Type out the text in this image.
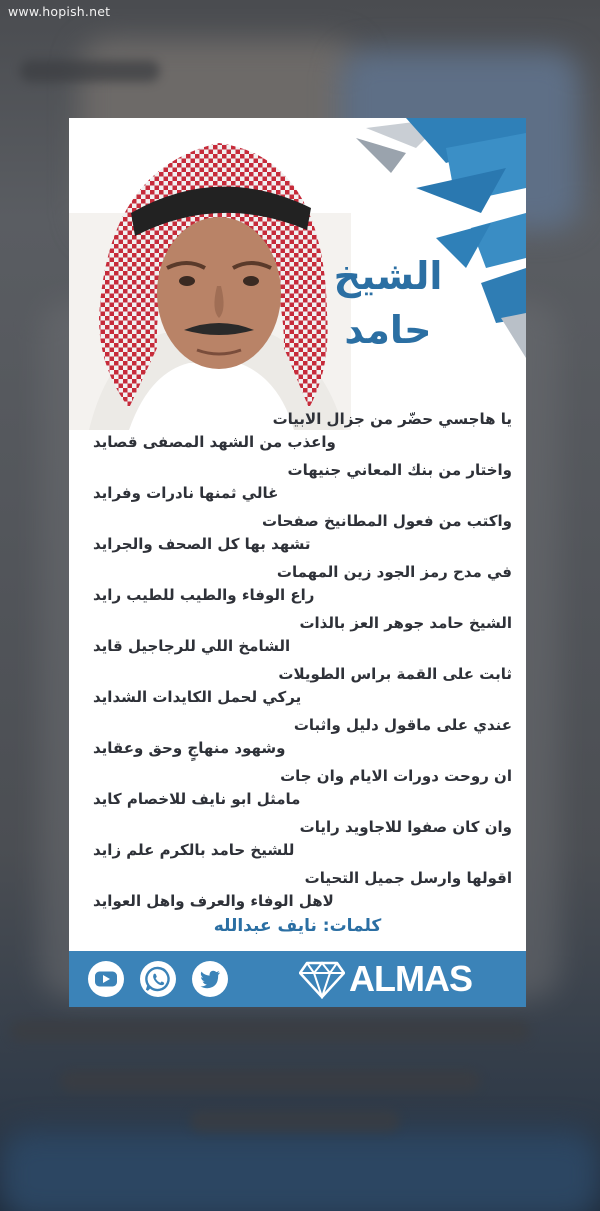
www.hopish.net
الشيخ
حامد
يا هاجسي حضّر من جزال الابيات
واعذب من الشهد المصفى قصايد
واختار من بنك المعاني جنيهات
غالي ثمنها نادرات وفرايد
واكتب من فعول المطانيخ صفحات
تشهد بها كل الصحف والجرايد
في مدح رمز الجود زين المهمات
راع الوفاء والطيب للطيب رايد
الشيخ حامد جوهر العز بالذات
الشامخ اللي للرجاجيل قايد
ثابت على القمة براس الطويلات
يركي لحمل الكايدات الشدايد
عندي على ماقول دليل واثبات
وشهود منهاجٍ وحق وعقايد
ان روحت دورات الايام وان جات
مامثل ابو نايف للاخصام كايد
وان كان صفوا للاجاويد رايات
للشيخ حامد بالكرم علم زايد
اقولها وارسل جميل التحيات
لاهل الوفاء والعرف واهل العوايد
كلمات: نايف عبدالله
ALMAS
